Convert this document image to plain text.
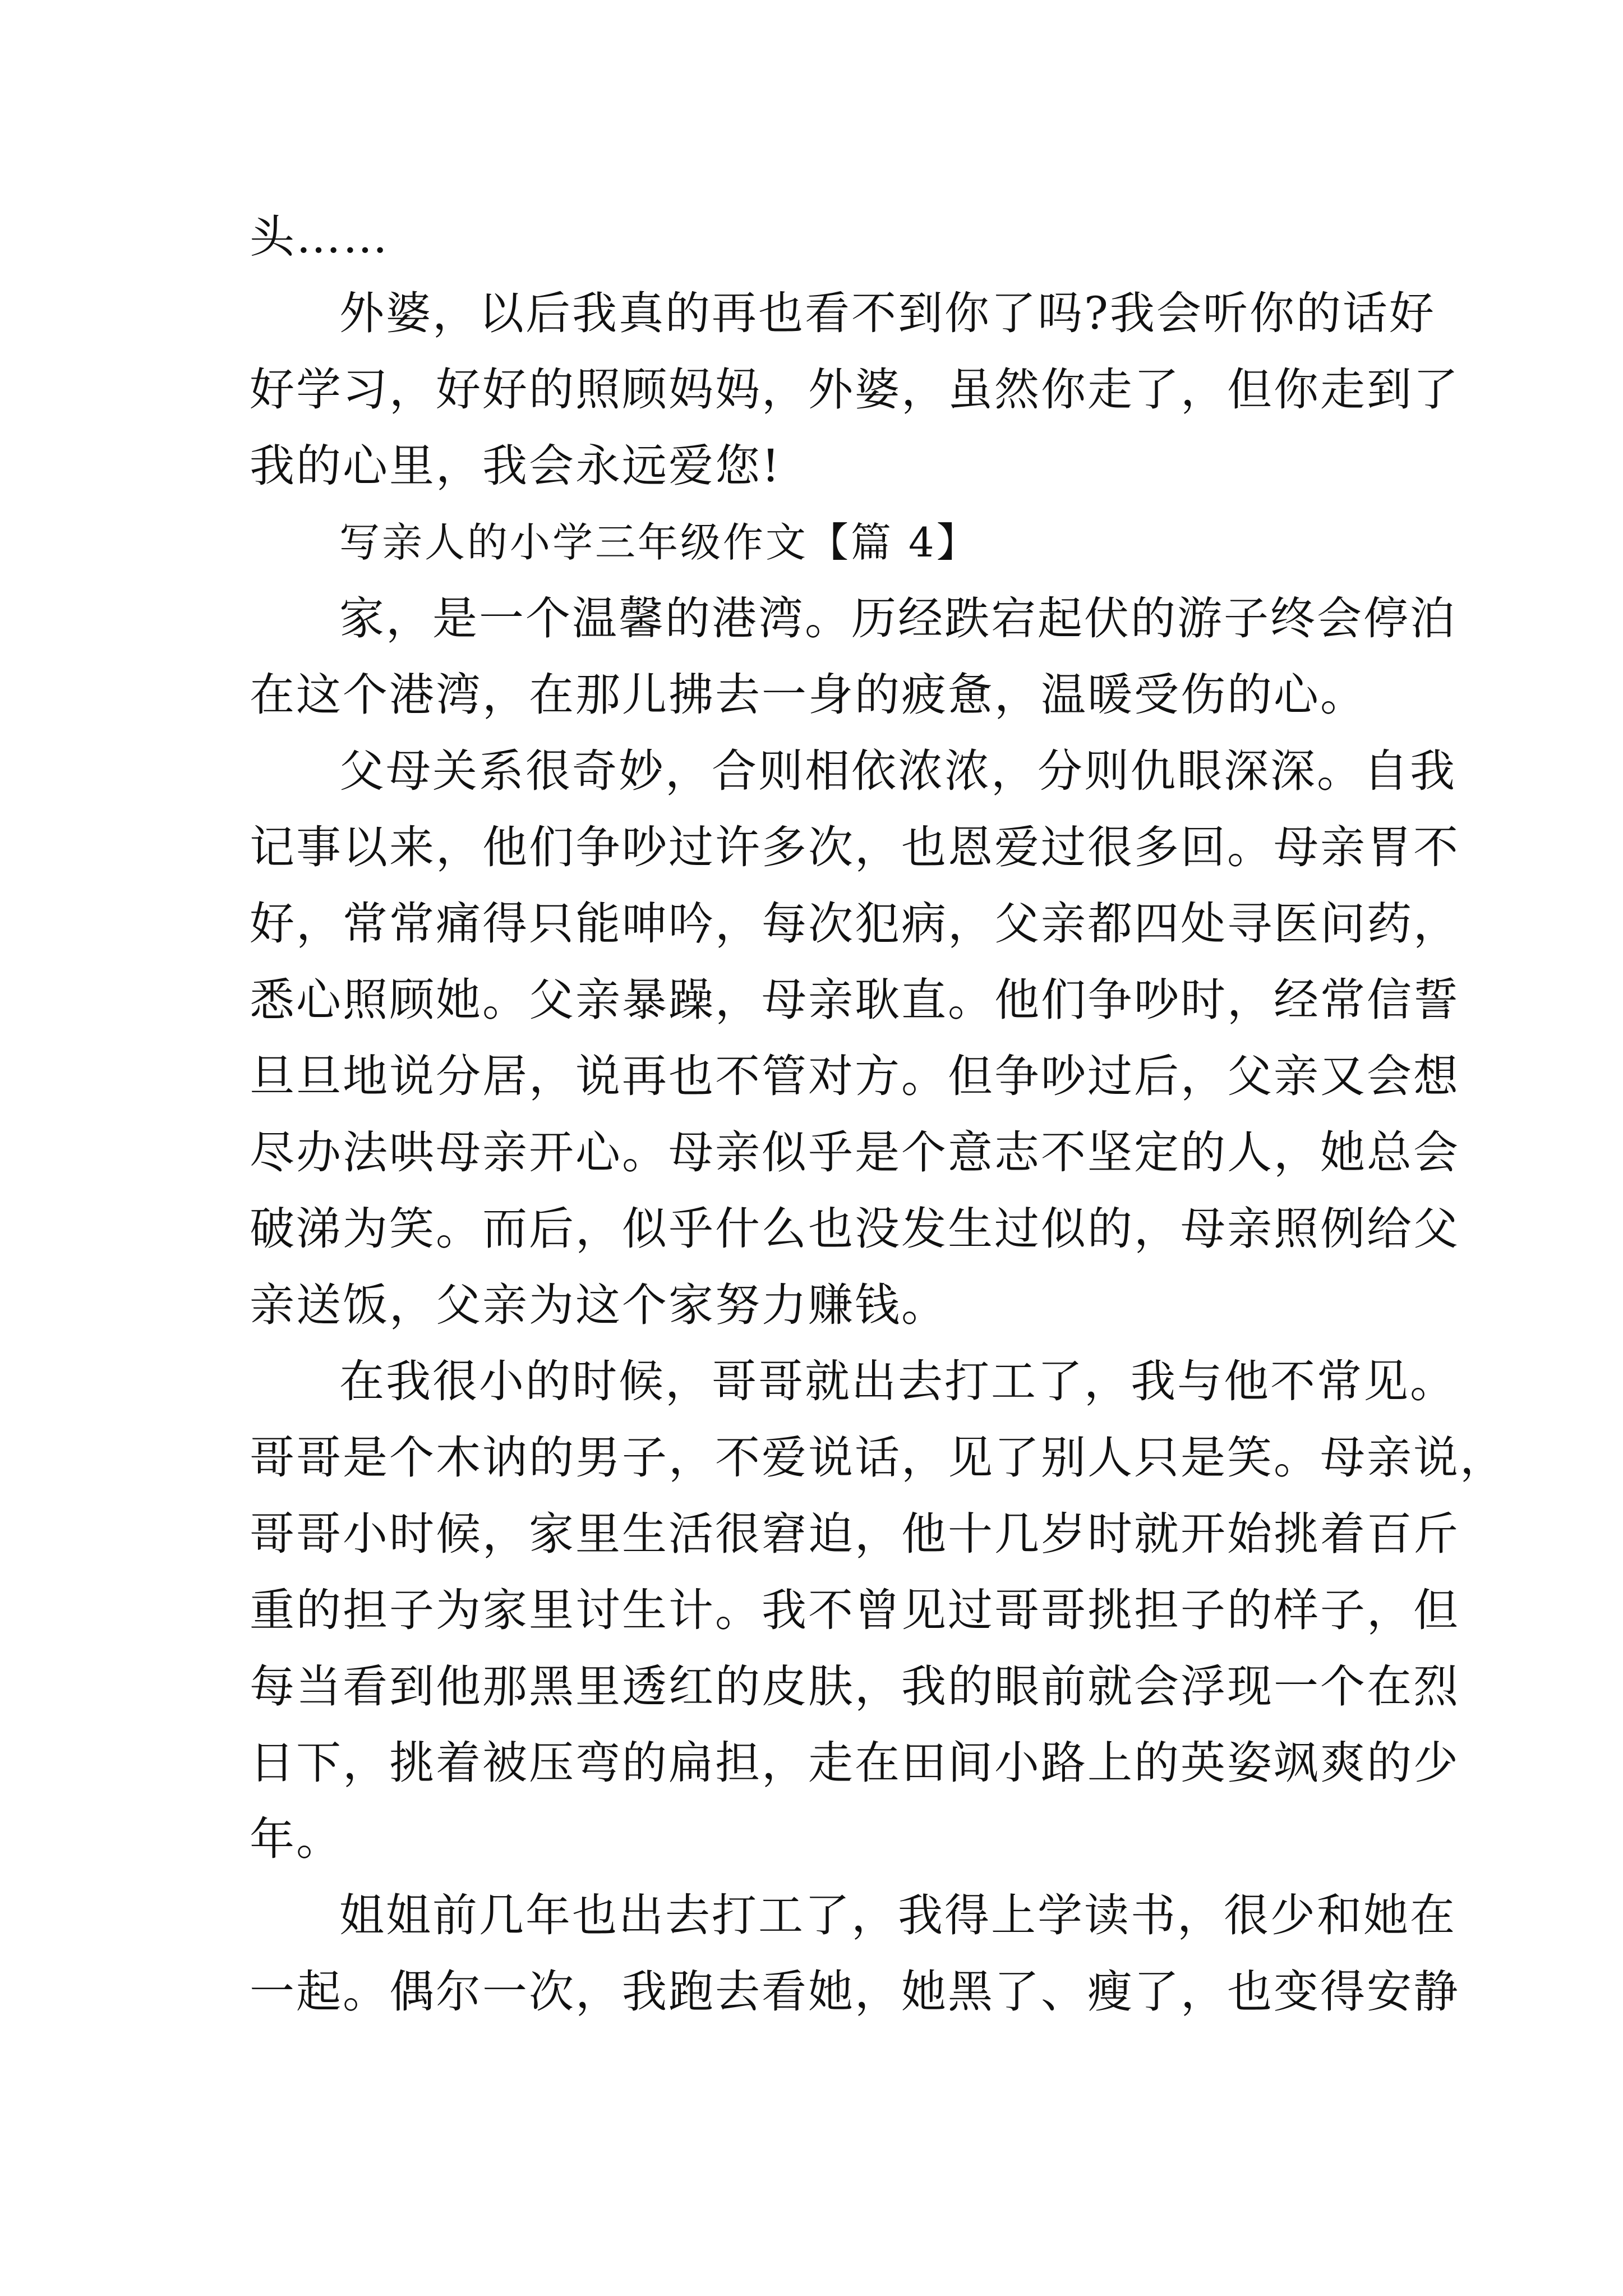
头……
外婆，以后我真的再也看不到你了吗?我会听你的话好
好学习，好好的照顾妈妈，外婆，虽然你走了，但你走到了
我的心里，我会永远爱您!
写亲人的小学三年级作文【篇 4】
家，是一个温馨的港湾。历经跌宕起伏的游子终会停泊
在这个港湾，在那儿拂去一身的疲惫，温暖受伤的心。
父母关系很奇妙，合则相依浓浓，分则仇眼深深。自我
记事以来，他们争吵过许多次，也恩爱过很多回。母亲胃不
好，常常痛得只能呻吟，每次犯病，父亲都四处寻医问药，
悉心照顾她。父亲暴躁，母亲耿直。他们争吵时，经常信誓
旦旦地说分居，说再也不管对方。但争吵过后，父亲又会想
尽办法哄母亲开心。母亲似乎是个意志不坚定的人，她总会
破涕为笑。而后，似乎什么也没发生过似的，母亲照例给父
亲送饭，父亲为这个家努力赚钱。
在我很小的时候，哥哥就出去打工了，我与他不常见。
哥哥是个木讷的男子，不爱说话，见了别人只是笑。母亲说，
哥哥小时候，家里生活很窘迫，他十几岁时就开始挑着百斤
重的担子为家里讨生计。我不曾见过哥哥挑担子的样子，但
每当看到他那黑里透红的皮肤，我的眼前就会浮现一个在烈
日下，挑着被压弯的扁担，走在田间小路上的英姿飒爽的少
年。
姐姐前几年也出去打工了，我得上学读书，很少和她在
一起。偶尔一次，我跑去看她，她黑了、瘦了，也变得安静
